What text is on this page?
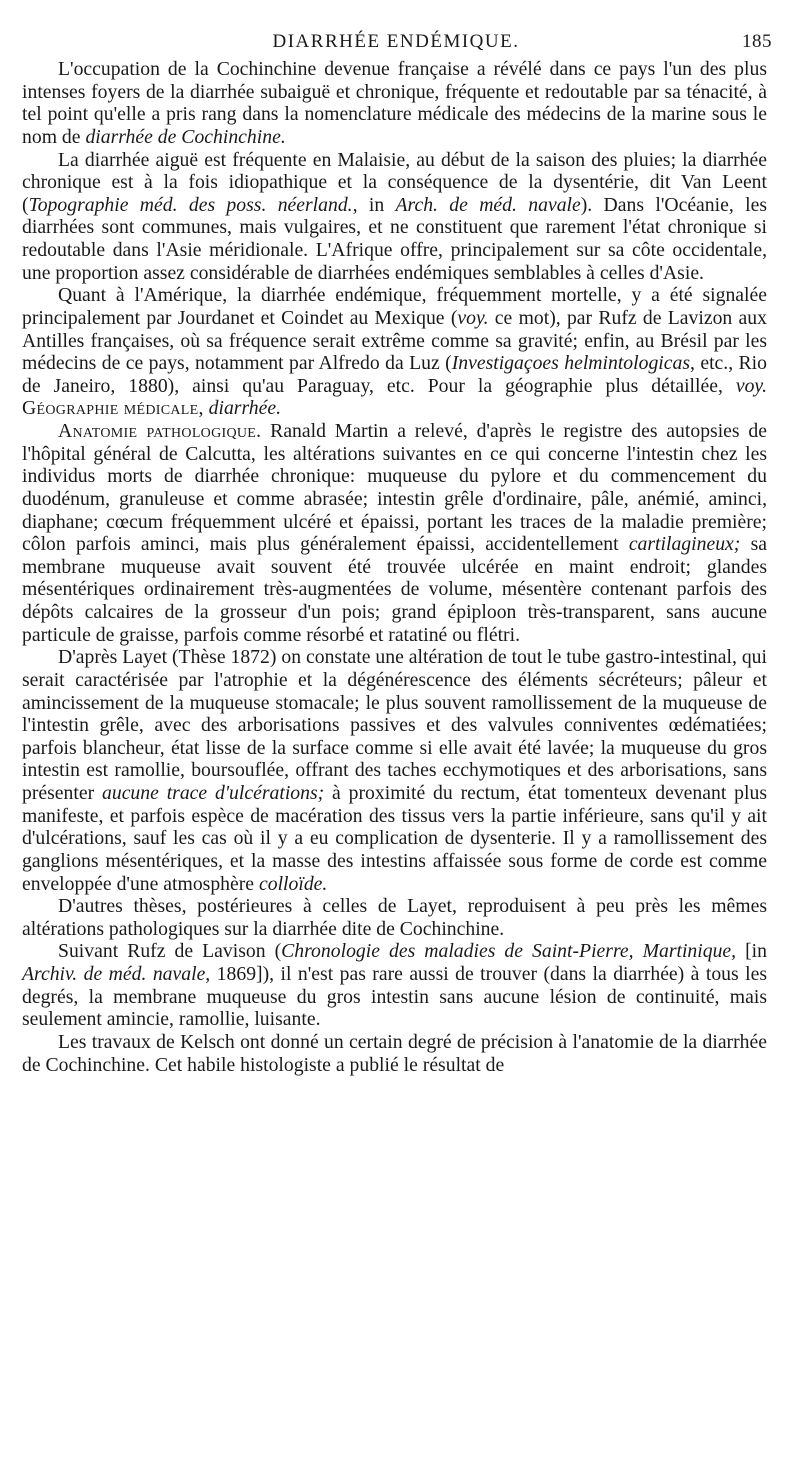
DIARRHÉE ENDÉMIQUE.	185

L'occupation de la Cochinchine devenue française a révélé dans ce pays l'un des plus intenses foyers de la diarrhée subaiguë et chronique, fréquente et redoutable par sa ténacité, à tel point qu'elle a pris rang dans la nomenclature médicale des médecins de la marine sous le nom de diarrhée de Cochinchine.

La diarrhée aiguë est fréquente en Malaisie, au début de la saison des pluies; la diarrhée chronique est à la fois idiopathique et la conséquence de la dysentérie, dit Van Leent (Topographie méd. des poss. néerland., in Arch. de méd. navale). Dans l'Océanie, les diarrhées sont communes, mais vulgaires, et ne constituent que rarement l'état chronique si redoutable dans l'Asie méridionale. L'Afrique offre, principalement sur sa côte occidentale, une proportion assez considérable de diarrhées endémiques semblables à celles d'Asie.

Quant à l'Amérique, la diarrhée endémique, fréquemment mortelle, y a été signalée principalement par Jourdanet et Coindet au Mexique (voy. ce mot), par Rufz de Lavizon aux Antilles françaises, où sa fréquence serait extrême comme sa gravité; enfin, au Brésil par les médecins de ce pays, notamment par Alfredo da Luz (Investigaçoes helmintologicas, etc., Rio de Janeiro, 1880), ainsi qu'au Paraguay, etc. Pour la géographie plus détaillée, voy. Géographie médicale, diarrhée.

Anatomie pathologique. Ranald Martin a relevé, d'après le registre des autopsies de l'hôpital général de Calcutta, les altérations suivantes en ce qui concerne l'intestin chez les individus morts de diarrhée chronique: muqueuse du pylore et du commencement du duodénum, granuleuse et comme abrasée; intestin grêle d'ordinaire, pâle, anémié, aminci, diaphane; cœcum fréquemment ulcéré et épaissi, portant les traces de la maladie première; côlon parfois aminci, mais plus généralement épaissi, accidentellement cartilagineux; sa membrane muqueuse avait souvent été trouvée ulcérée en maint endroit; glandes mésentériques ordinairement très-augmentées de volume, mésentère contenant parfois des dépôts calcaires de la grosseur d'un pois; grand épiploon très-transparent, sans aucune particule de graisse, parfois comme résorbé et ratatiné ou flétri.

D'après Layet (Thèse 1872) on constate une altération de tout le tube gastro-intestinal, qui serait caractérisée par l'atrophie et la dégénérescence des éléments sécréteurs; pâleur et amincissement de la muqueuse stomacale; le plus souvent ramollissement de la muqueuse de l'intestin grêle, avec des arborisations passives et des valvules conniventes œdématiées; parfois blancheur, état lisse de la surface comme si elle avait été lavée; la muqueuse du gros intestin est ramollie, boursouflée, offrant des taches ecchymotiques et des arborisations, sans présenter aucune trace d'ulcérations; à proximité du rectum, état tomenteux devenant plus manifeste, et parfois espèce de macération des tissus vers la partie inférieure, sans qu'il y ait d'ulcérations, sauf les cas où il y a eu complication de dysenterie. Il y a ramollissement des ganglions mésentériques, et la masse des intestins affaissée sous forme de corde est comme enveloppée d'une atmosphère colloïde.

D'autres thèses, postérieures à celles de Layet, reproduisent à peu près les mêmes altérations pathologiques sur la diarrhée dite de Cochinchine.

Suivant Rufz de Lavison (Chronologie des maladies de Saint-Pierre, Martinique, [in Archiv. de méd. navale, 1869]), il n'est pas rare aussi de trouver (dans la diarrhée) à tous les degrés, la membrane muqueuse du gros intestin sans aucune lésion de continuité, mais seulement amincie, ramollie, luisante.

Les travaux de Kelsch ont donné un certain degré de précision à l'anatomie de la diarrhée de Cochinchine. Cet habile histologiste a publié le résultat de
